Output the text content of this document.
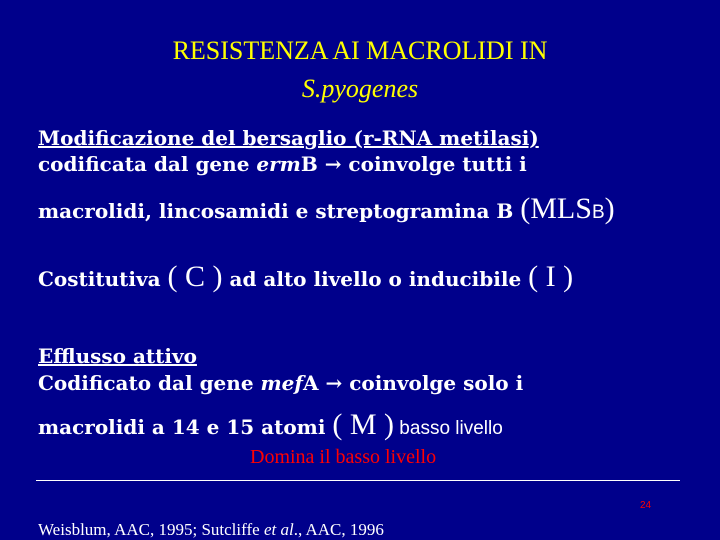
RESISTENZA AI MACROLIDI IN
S.pyogenes
Modificazione del bersaglio (r-RNA metilasi)
codificata dal gene ermB → coinvolge tutti i
macrolidi, lincosamidi e streptogramina B (MLSB)
Costitutiva ( C ) ad alto livello o inducibile ( I )
Efflusso attivo
Codificato dal gene mefA → coinvolge solo i
macrolidi a 14 e 15 atomi ( M ) basso livello
Domina il basso livello
24
Weisblum, AAC, 1995; Sutcliffe et al., AAC, 1996
